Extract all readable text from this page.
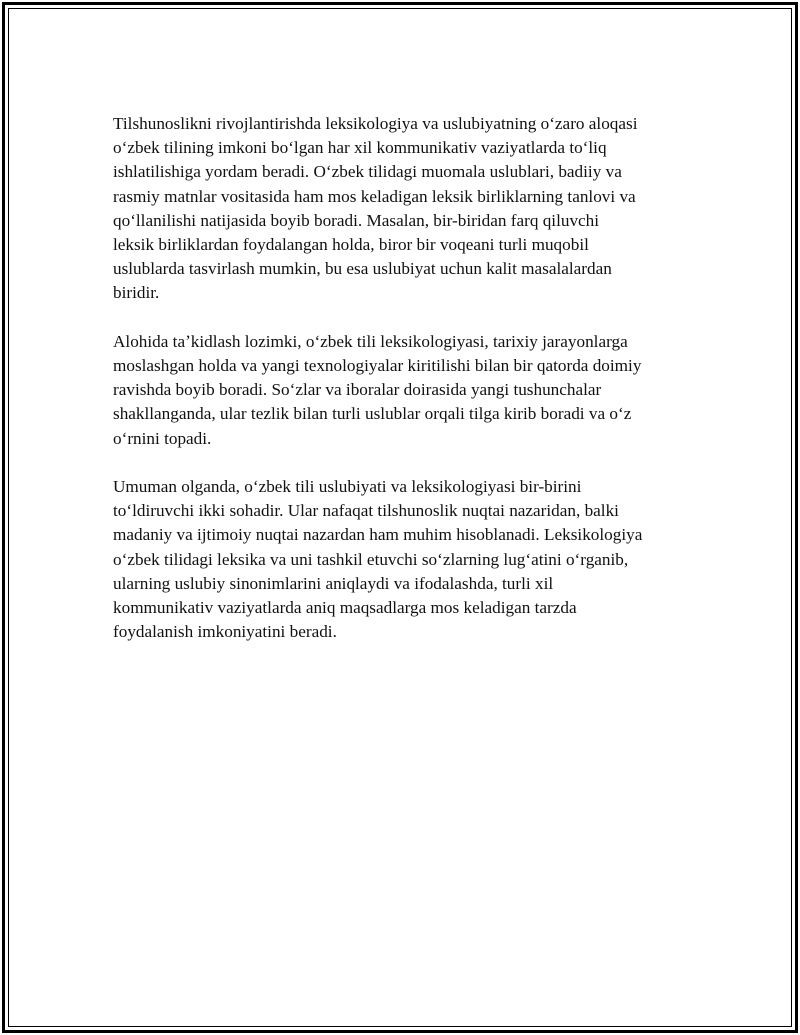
Tilshunoslikni rivojlantirishda leksikologiya va uslubiyatning oʻzaro aloqasi
oʻzbek tilining imkoni boʻlgan har xil kommunikativ vaziyatlarda toʻliq
ishlatilishiga yordam beradi. Oʻzbek tilidagi muomala uslublari, badiiy va
rasmiy matnlar vositasida ham mos keladigan leksik birliklarning tanlovi va
qoʻllanilishi natijasida boyib boradi. Masalan, bir-biridan farq qiluvchi
leksik birliklardan foydalangan holda, biror bir voqeani turli muqobil
uslublarda tasvirlash mumkin, bu esa uslubiyat uchun kalit masalalardan
biridir.

Alohida taʼkidlash lozimki, oʻzbek tili leksikologiyasi, tarixiy jarayonlarga
moslashgan holda va yangi texnologiyalar kiritilishi bilan bir qatorda doimiy
ravishda boyib boradi. Soʻzlar va iboralar doirasida yangi tushunchalar
shakllanganda, ular tezlik bilan turli uslublar orqali tilga kirib boradi va oʻz
oʻrnini topadi.

Umuman olganda, oʻzbek tili uslubiyati va leksikologiyasi bir-birini
toʻldiruvchi ikki sohadir. Ular nafaqat tilshunoslik nuqtai nazaridan, balki
madaniy va ijtimoiy nuqtai nazardan ham muhim hisoblanadi. Leksikologiya
oʻzbek tilidagi leksika va uni tashkil etuvchi soʻzlarning lugʻatini oʻrganib,
ularning uslubiy sinonimlarini aniqlaydi va ifodalashda, turli xil
kommunikativ vaziyatlarda aniq maqsadlarga mos keladigan tarzda
foydalanish imkoniyatini beradi.
